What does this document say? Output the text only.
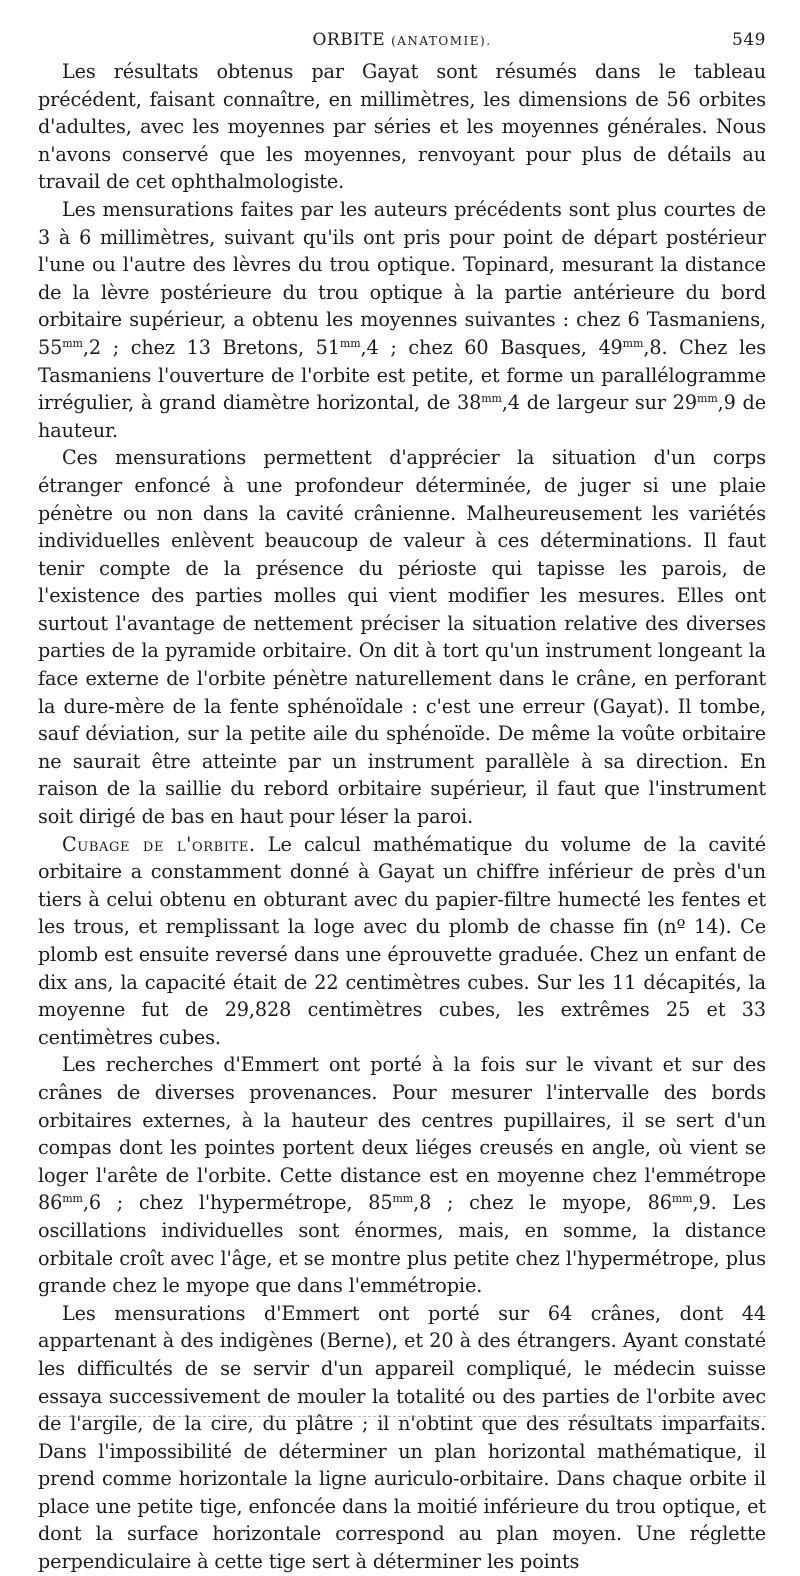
ORBITE (ANATOMIE).	549

Les résultats obtenus par Gayat sont résumés dans le tableau précédent, faisant connaître, en millimètres, les dimensions de 56 orbites d'adultes, avec les moyennes par séries et les moyennes générales. Nous n'avons conservé que les moyennes, renvoyant pour plus de détails au travail de cet ophthalmologiste.

Les mensurations faites par les auteurs précédents sont plus courtes de 3 à 6 millimètres, suivant qu'ils ont pris pour point de départ postérieur l'une ou l'autre des lèvres du trou optique. Topinard, mesurant la distance de la lèvre postérieure du trou optique à la partie antérieure du bord orbitaire supérieur, a obtenu les moyennes suivantes : chez 6 Tasmaniens, $55^{mm},2$ ; chez 13 Bretons, $51^{mm},4$ ; chez 60 Basques, $49^{mm},8$. Chez les Tasmaniens l'ouverture de l'orbite est petite, et forme un parallélogramme irrégulier, à grand diamètre horizontal, de $38^{mm},4$ de largeur sur $29^{mm},9$ de hauteur.

Ces mensurations permettent d'apprécier la situation d'un corps étranger enfoncé à une profondeur déterminée, de juger si une plaie pénètre ou non dans la cavité crânienne. Malheureusement les variétés individuelles enlèvent beaucoup de valeur à ces déterminations. Il faut tenir compte de la présence du périoste qui tapisse les parois, de l'existence des parties molles qui vient modifier les mesures. Elles ont surtout l'avantage de nettement préciser la situation relative des diverses parties de la pyramide orbitaire. On dit à tort qu'un instrument longeant la face externe de l'orbite pénètre naturellement dans le crâne, en perforant la dure-mère de la fente sphénoïdale : c'est une erreur (Gayat). Il tombe, sauf déviation, sur la petite aile du sphénoïde. De même la voûte orbitaire ne saurait être atteinte par un instrument parallèle à sa direction. En raison de la saillie du rebord orbitaire supérieur, il faut que l'instrument soit dirigé de bas en haut pour léser la paroi.

Cubage de l'orbite. Le calcul mathématique du volume de la cavité orbitaire a constamment donné à Gayat un chiffre inférieur de près d'un tiers à celui obtenu en obturant avec du papier-filtre humecté les fentes et les trous, et remplissant la loge avec du plomb de chasse fin (nº 14). Ce plomb est ensuite reversé dans une éprouvette graduée. Chez un enfant de dix ans, la capacité était de 22 centimètres cubes. Sur les 11 décapités, la moyenne fut de 29,828 centimètres cubes, les extrêmes 25 et 33 centimètres cubes.

Les recherches d'Emmert ont porté à la fois sur le vivant et sur des crânes de diverses provenances. Pour mesurer l'intervalle des bords orbitaires externes, à la hauteur des centres pupillaires, il se sert d'un compas dont les pointes portent deux liéges creusés en angle, où vient se loger l'arête de l'orbite. Cette distance est en moyenne chez l'emmétrope $86^{mm},6$ ; chez l'hypermétrope, $85^{mm},8$ ; chez le myope, $86^{mm},9$. Les oscillations individuelles sont énormes, mais, en somme, la distance orbitale croît avec l'âge, et se montre plus petite chez l'hypermétrope, plus grande chez le myope que dans l'emmétropie.

Les mensurations d'Emmert ont porté sur 64 crânes, dont 44 appartenant à des indigènes (Berne), et 20 à des étrangers. Ayant constaté les difficultés de se servir d'un appareil compliqué, le médecin suisse essaya successivement de mouler la totalité ou des parties de l'orbite avec de l'argile, de la cire, du plâtre ; il n'obtint que des résultats imparfaits. Dans l'impossibilité de déterminer un plan horizontal mathématique, il prend comme horizontale la ligne auriculo-orbitaire. Dans chaque orbite il place une petite tige, enfoncée dans la moitié inférieure du trou optique, et dont la surface horizontale correspond au plan moyen. Une réglette perpendiculaire à cette tige sert à déterminer les points
